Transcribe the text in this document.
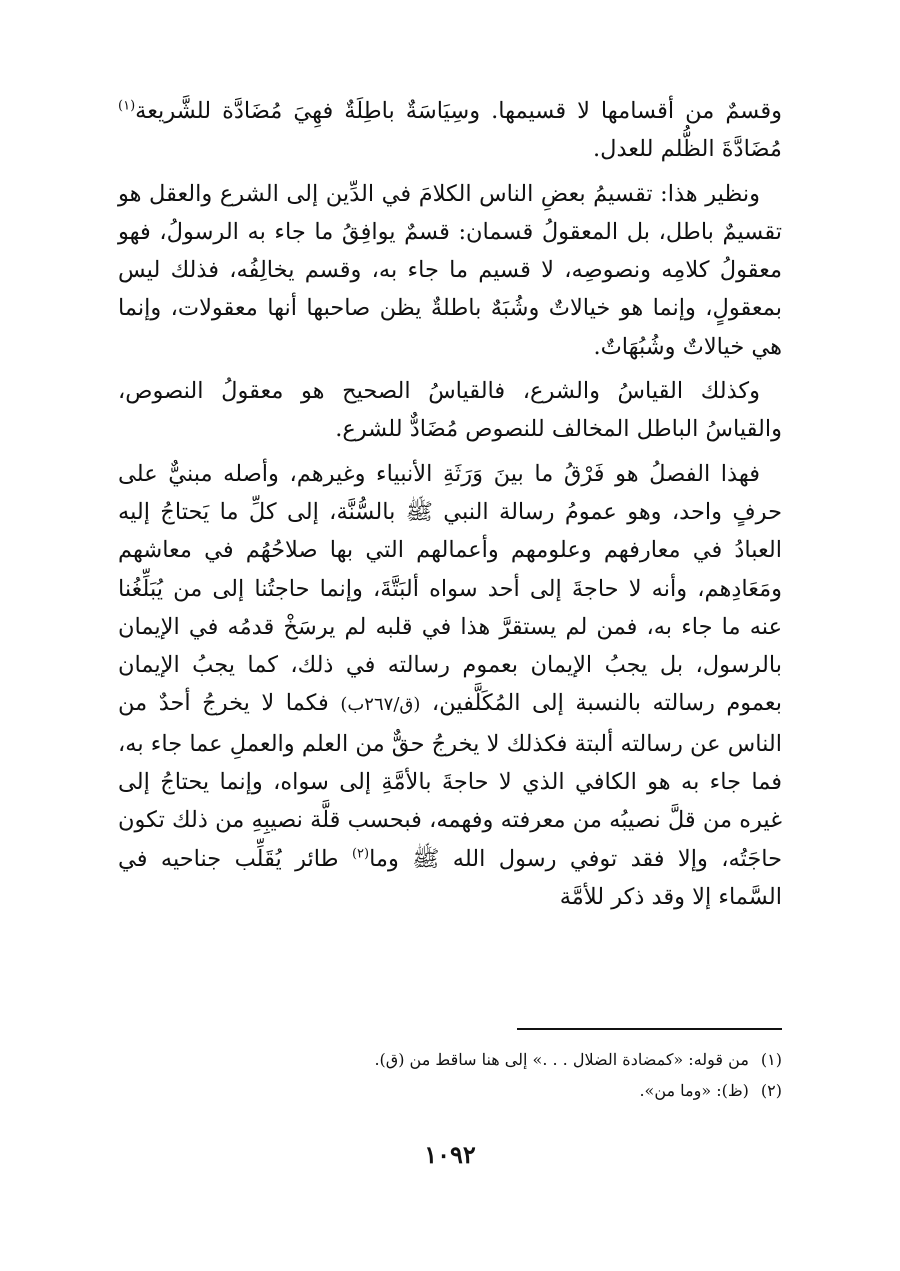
وقسمٌ من أقسامها لا قسيمها. وسِيَاسَةٌ باطِلَةٌ فهِيَ مُضَادَّة للشَّريعة$^{(١)}$ مُضَادَّةَ الظُّلم للعدل.

ونظير هذا: تقسيمُ بعضِ الناس الكلامَ في الدِّين إلى الشرع والعقل هو تقسيمٌ باطل، بل المعقولُ قسمان: قسمٌ يوافِقُ ما جاء به الرسولُ، فهو معقولُ كلامِه ونصوصِه، لا قسيم ما جاء به، وقسم يخالِفُه، فذلك ليس بمعقولٍ، وإنما هو خيالاتٌ وشُبَهٌ باطلةٌ يظن صاحبها أنها معقولات، وإنما هي خيالاتٌ وشُبُهَاتٌ.

وكذلك القياسُ والشرع، فالقياسُ الصحيح هو معقولُ النصوص، والقياسُ الباطل المخالف للنصوص مُضَادٌّ للشرع.

فهذا الفصلُ هو فَرْقُ ما بينَ وَرَثَةِ الأنبياء وغيرهم، وأصله مبنيٌّ على حرفٍ واحد، وهو عمومُ رسالة النبي ﷺ بالسُّنَّة، إلى كلِّ ما يَحتاجُ إليه العبادُ في معارفهم وعلومهم وأعمالهم التي بها صلاحُهُم في معاشهم ومَعَادِهم، وأنه لا حاجةَ إلى أحد سواه ألبَتَّةَ، وإنما حاجتُنا إلى من يُبَلِّغُنا عنه ما جاء به، فمن لم يستقرَّ هذا في قلبه لم يرسَخْ قدمُه في الإيمان بالرسول، بل يجبُ الإيمان بعموم رسالته في ذلك، كما يجبُ الإيمان بعموم رسالته بالنسبة إلى المُكَلَّفين، (ق/٢٦٧ب) فكما لا يخرجُ أحدٌ من الناس عن رسالته ألبتة فكذلك لا يخرجُ حقٌّ من العلم والعملِ عما جاء به، فما جاء به هو الكافي الذي لا حاجةَ بالأمَّةِ إلى سواه، وإنما يحتاجُ إلى غيره من قلَّ نصيبُه من معرفته وفهمه، فبحسب قلَّة نصيبِهِ من ذلك تكون حاجَتُه، وإلا فقد توفي رسول الله ﷺ وما$^{(٢)}$ طائر يُقَلِّب جناحيه في السَّماء إلا وقد ذكر للأمَّة

(١)
من قوله: «كمضادة الضلال . . .» إلى هنا ساقط من (ق).
(٢)
(ظ): «وما من».
١٠٩٢
